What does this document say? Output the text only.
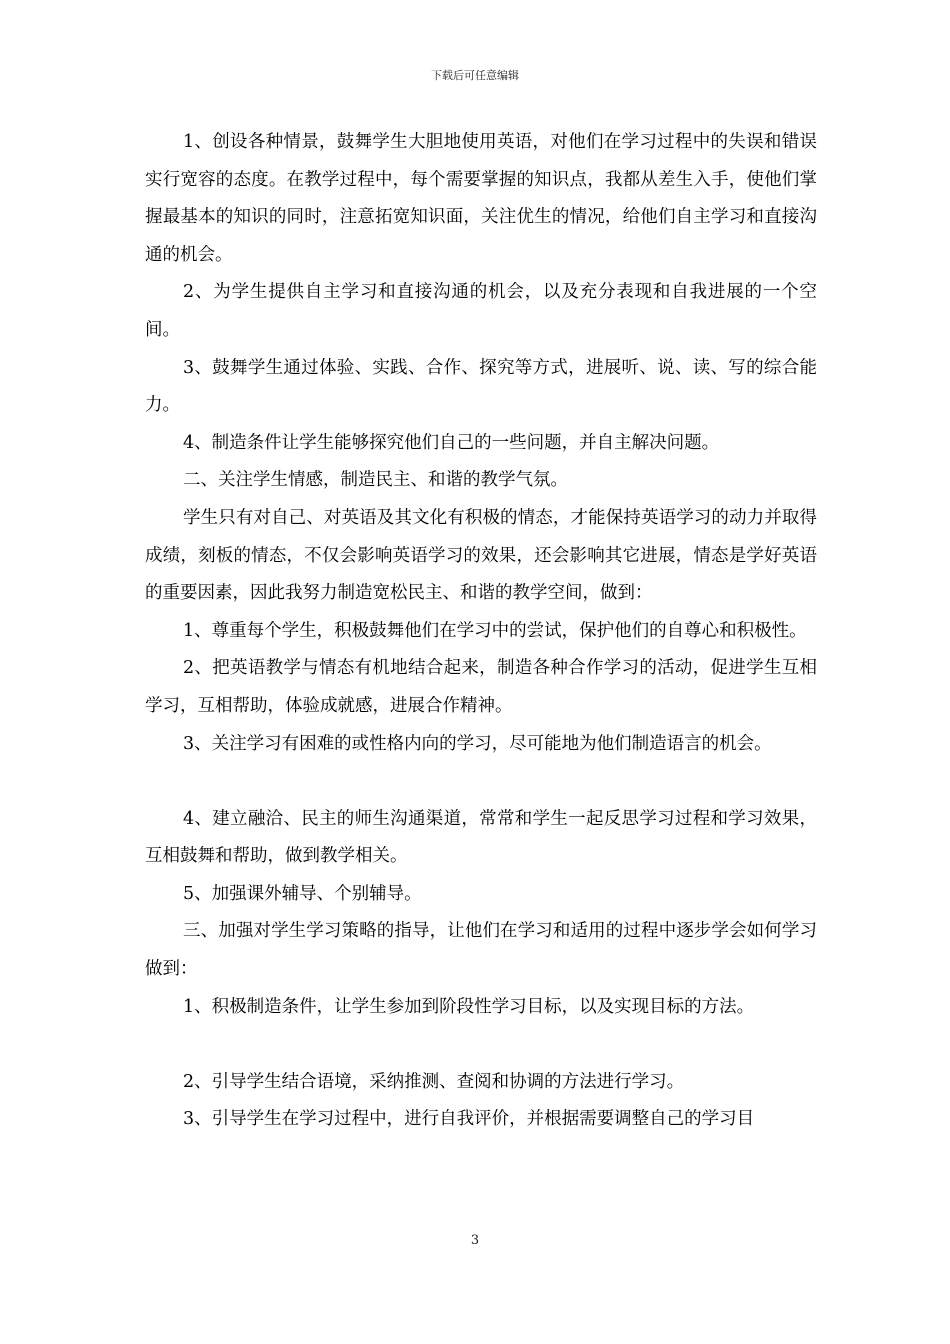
下载后可任意编辑

1、创设各种情景，鼓舞学生大胆地使用英语，对他们在学习过程中的失误和错误实行宽容的态度。在教学过程中，每个需要掌握的知识点，我都从差生入手，使他们掌握最基本的知识的同时，注意拓宽知识面，关注优生的情况，给他们自主学习和直接沟通的机会。

2、为学生提供自主学习和直接沟通的机会，以及充分表现和自我进展的一个空间。

3、鼓舞学生通过体验、实践、合作、探究等方式，进展听、说、读、写的综合能力。

4、制造条件让学生能够探究他们自己的一些问题，并自主解决问题。

二、关注学生情感，制造民主、和谐的教学气氛。

学生只有对自己、对英语及其文化有积极的情态，才能保持英语学习的动力并取得成绩，刻板的情态，不仅会影响英语学习的效果，还会影响其它进展，情态是学好英语的重要因素，因此我努力制造宽松民主、和谐的教学空间，做到：

1、尊重每个学生，积极鼓舞他们在学习中的尝试，保护他们的自尊心和积极性。

2、把英语教学与情态有机地结合起来，制造各种合作学习的活动，促进学生互相学习，互相帮助，体验成就感，进展合作精神。

3、关注学习有困难的或性格内向的学习，尽可能地为他们制造语言的机会。

4、建立融洽、民主的师生沟通渠道，常常和学生一起反思学习过程和学习效果，互相鼓舞和帮助，做到教学相关。

5、加强课外辅导、个别辅导。

三、加强对学生学习策略的指导，让他们在学习和适用的过程中逐步学会如何学习做到：

1、积极制造条件，让学生参加到阶段性学习目标，以及实现目标的方法。

2、引导学生结合语境，采纳推测、查阅和协调的方法进行学习。

3、引导学生在学习过程中，进行自我评价，并根据需要调整自己的学习目

3
